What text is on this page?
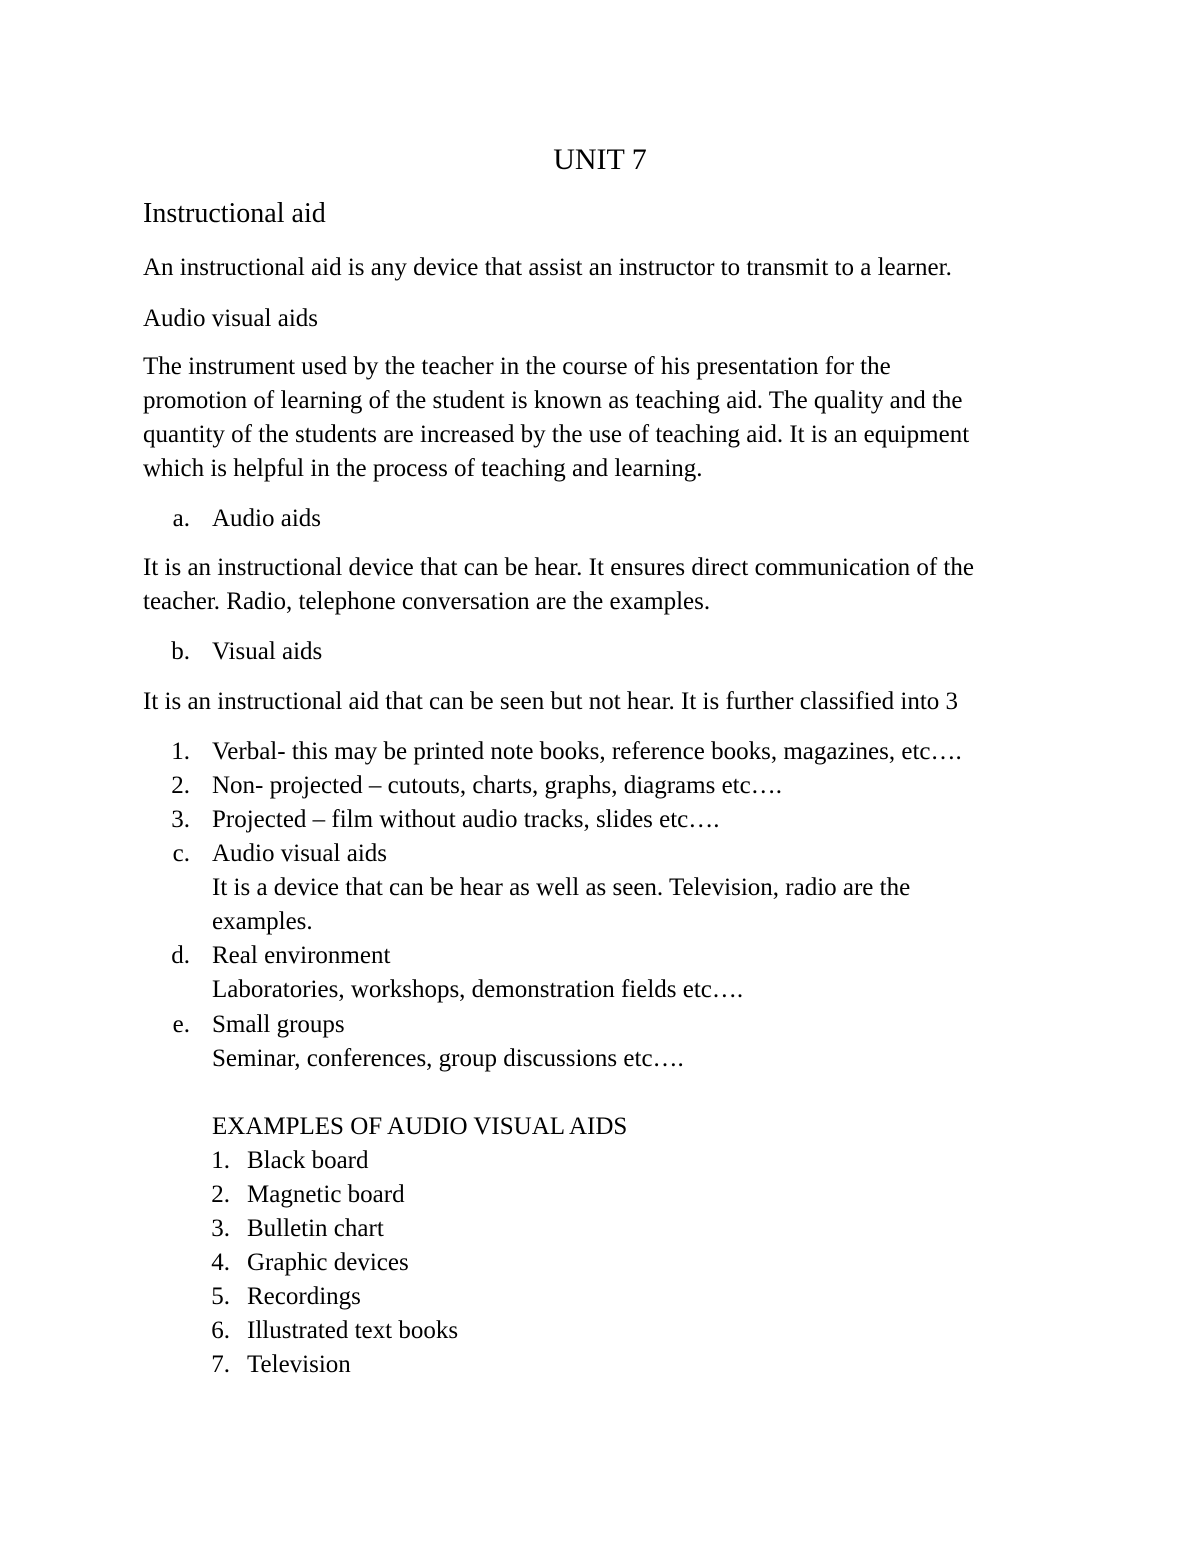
UNIT 7
Instructional aid
An instructional aid is any device that assist an instructor to transmit to a learner.
Audio visual aids
The instrument used by the teacher in the course of his presentation for the
promotion of learning of the student is known as teaching aid. The quality and the
quantity of the students are increased by the use of teaching aid. It is an equipment
which is helpful in the process of teaching and learning.
a. Audio aids
It is an instructional device that can be hear. It ensures direct communication of the
teacher. Radio, telephone conversation are the examples.
b. Visual aids
It is an instructional aid that can be seen but not hear. It is further classified into 3
1. Verbal- this may be printed note books, reference books, magazines, etc….
2. Non- projected – cutouts, charts, graphs, diagrams etc….
3. Projected – film without audio tracks, slides etc….
c. Audio visual aids
It is a device that can be hear as well as seen. Television, radio are the
examples.
d. Real environment
Laboratories, workshops, demonstration fields etc….
e. Small groups
Seminar, conferences, group discussions etc….
EXAMPLES OF AUDIO VISUAL AIDS
1. Black board
2. Magnetic board
3. Bulletin chart
4. Graphic devices
5. Recordings
6. Illustrated text books
7. Television
